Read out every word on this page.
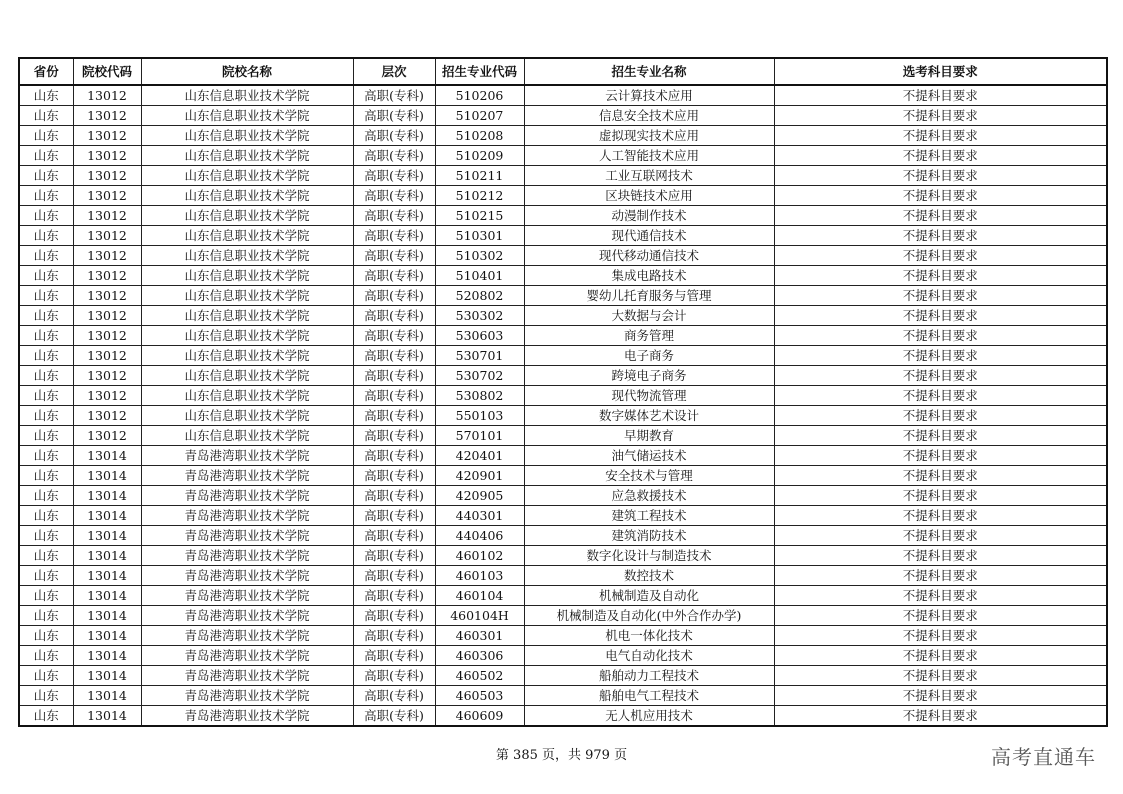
省份	院校代码	院校名称	层次	招生专业代码	招生专业名称	选考科目要求
山东	13012	山东信息职业技术学院	高职(专科)	510206	云计算技术应用	不提科目要求
山东	13012	山东信息职业技术学院	高职(专科)	510207	信息安全技术应用	不提科目要求
山东	13012	山东信息职业技术学院	高职(专科)	510208	虚拟现实技术应用	不提科目要求
山东	13012	山东信息职业技术学院	高职(专科)	510209	人工智能技术应用	不提科目要求
山东	13012	山东信息职业技术学院	高职(专科)	510211	工业互联网技术	不提科目要求
山东	13012	山东信息职业技术学院	高职(专科)	510212	区块链技术应用	不提科目要求
山东	13012	山东信息职业技术学院	高职(专科)	510215	动漫制作技术	不提科目要求
山东	13012	山东信息职业技术学院	高职(专科)	510301	现代通信技术	不提科目要求
山东	13012	山东信息职业技术学院	高职(专科)	510302	现代移动通信技术	不提科目要求
山东	13012	山东信息职业技术学院	高职(专科)	510401	集成电路技术	不提科目要求
山东	13012	山东信息职业技术学院	高职(专科)	520802	婴幼儿托育服务与管理	不提科目要求
山东	13012	山东信息职业技术学院	高职(专科)	530302	大数据与会计	不提科目要求
山东	13012	山东信息职业技术学院	高职(专科)	530603	商务管理	不提科目要求
山东	13012	山东信息职业技术学院	高职(专科)	530701	电子商务	不提科目要求
山东	13012	山东信息职业技术学院	高职(专科)	530702	跨境电子商务	不提科目要求
山东	13012	山东信息职业技术学院	高职(专科)	530802	现代物流管理	不提科目要求
山东	13012	山东信息职业技术学院	高职(专科)	550103	数字媒体艺术设计	不提科目要求
山东	13012	山东信息职业技术学院	高职(专科)	570101	早期教育	不提科目要求
山东	13014	青岛港湾职业技术学院	高职(专科)	420401	油气储运技术	不提科目要求
山东	13014	青岛港湾职业技术学院	高职(专科)	420901	安全技术与管理	不提科目要求
山东	13014	青岛港湾职业技术学院	高职(专科)	420905	应急救援技术	不提科目要求
山东	13014	青岛港湾职业技术学院	高职(专科)	440301	建筑工程技术	不提科目要求
山东	13014	青岛港湾职业技术学院	高职(专科)	440406	建筑消防技术	不提科目要求
山东	13014	青岛港湾职业技术学院	高职(专科)	460102	数字化设计与制造技术	不提科目要求
山东	13014	青岛港湾职业技术学院	高职(专科)	460103	数控技术	不提科目要求
山东	13014	青岛港湾职业技术学院	高职(专科)	460104	机械制造及自动化	不提科目要求
山东	13014	青岛港湾职业技术学院	高职(专科)	460104H	机械制造及自动化(中外合作办学)	不提科目要求
山东	13014	青岛港湾职业技术学院	高职(专科)	460301	机电一体化技术	不提科目要求
山东	13014	青岛港湾职业技术学院	高职(专科)	460306	电气自动化技术	不提科目要求
山东	13014	青岛港湾职业技术学院	高职(专科)	460502	船舶动力工程技术	不提科目要求
山东	13014	青岛港湾职业技术学院	高职(专科)	460503	船舶电气工程技术	不提科目要求
山东	13014	青岛港湾职业技术学院	高职(专科)	460609	无人机应用技术	不提科目要求
第 385 页，共 979 页	高考直通车
